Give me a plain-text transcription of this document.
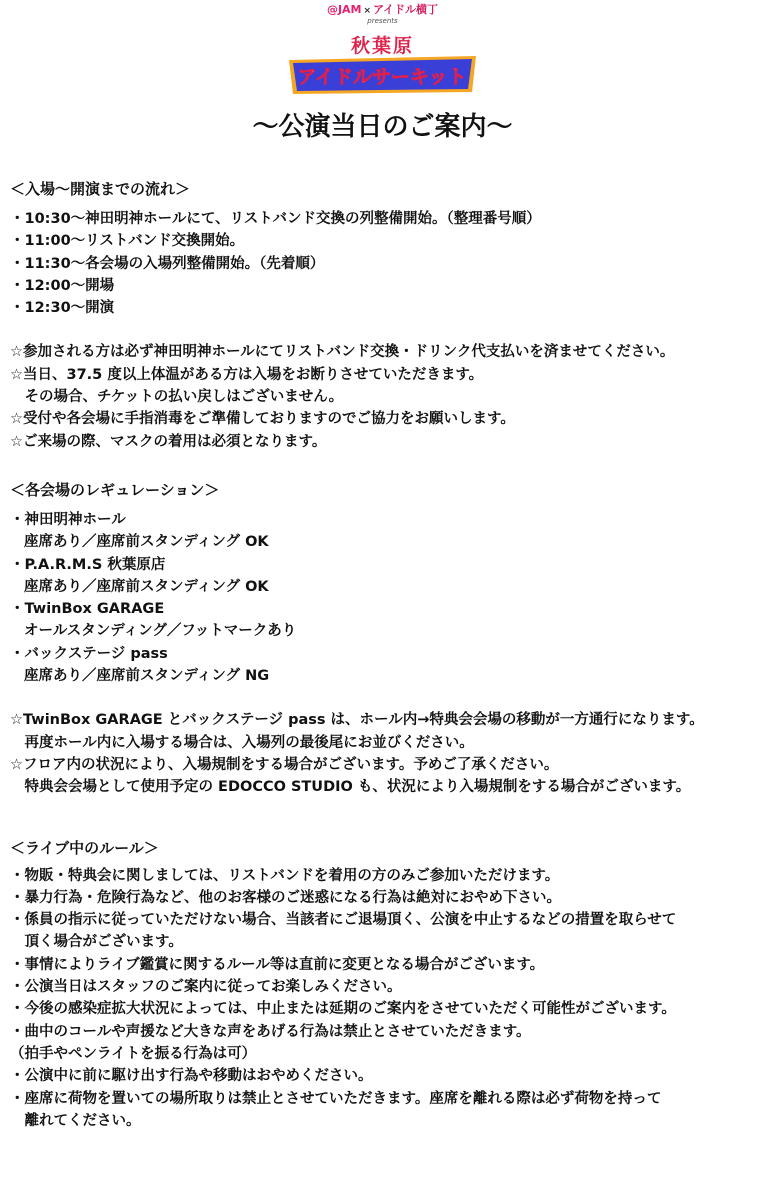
@JAM × アイドル横丁
presents
秋葉原
アイドルサーキット
〜公演当日のご案内〜
＜入場〜開演までの流れ＞
・10:30〜神田明神ホールにて、リストバンド交換の列整備開始。（整理番号順）
・11:00〜リストバンド交換開始。
・11:30〜各会場の入場列整備開始。（先着順）
・12:00〜開場
・12:30〜開演
☆参加される方は必ず神田明神ホールにてリストバンド交換・ドリンク代支払いを済ませてください。
☆当日、37.5 度以上体温がある方は入場をお断りさせていただきます。
　その場合、チケットの払い戻しはございません。
☆受付や各会場に手指消毒をご準備しておりますのでご協力をお願いします。
☆ご来場の際、マスクの着用は必須となります。
＜各会場のレギュレーション＞
・神田明神ホール
座席あり／座席前スタンディング OK
・P.A.R.M.S 秋葉原店
座席あり／座席前スタンディング OK
・TwinBox GARAGE
オールスタンディング／フットマークあり
・バックステージ pass
座席あり／座席前スタンディング NG
☆TwinBox GARAGE とバックステージ pass は、ホール内→特典会会場の移動が一方通行になります。
　再度ホール内に入場する場合は、入場列の最後尾にお並びください。
☆フロア内の状況により、入場規制をする場合がございます。予めご了承ください。
　特典会会場として使用予定の EDOCCO STUDIO も、状況により入場規制をする場合がございます。
＜ライブ中のルール＞
・物販・特典会に関しましては、リストバンドを着用の方のみご参加いただけます。
・暴力行為・危険行為など、他のお客様のご迷惑になる行為は絶対におやめ下さい。
・係員の指示に従っていただけない場合、当該者にご退場頂く、公演を中止するなどの措置を取らせて
　頂く場合がございます。
・事情によりライブ鑑賞に関するルール等は直前に変更となる場合がございます。
・公演当日はスタッフのご案内に従ってお楽しみください。
・今後の感染症拡大状況によっては、中止または延期のご案内をさせていただく可能性がございます。
・曲中のコールや声援など大きな声をあげる行為は禁止とさせていただきます。
（拍手やペンライトを振る行為は可）
・公演中に前に駆け出す行為や移動はおやめください。
・座席に荷物を置いての場所取りは禁止とさせていただきます。座席を離れる際は必ず荷物を持って
　離れてください。
